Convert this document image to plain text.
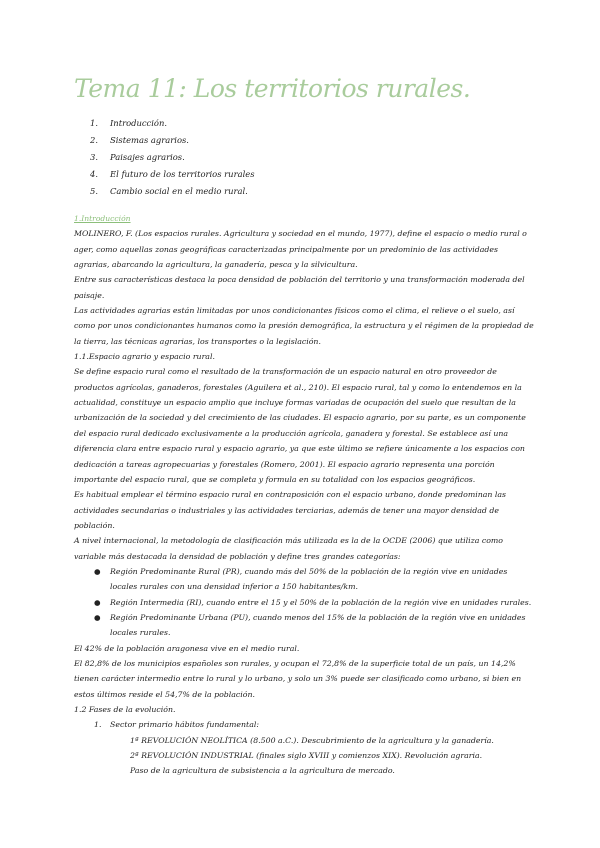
Tema 11: Los territorios rurales.
1. Introducción.
2. Sistemas agrarios.
3. Paisajes agrarios.
4. El futuro de los territorios rurales
5. Cambio social en el medio rural.

1.Introducción

MOLINERO, F. (Los espacios rurales. Agricultura y sociedad en el mundo, 1977), define el espacio o medio rural o ager, como aquellas zonas geográficas caracterizadas principalmente por un predominio de las actividades agrarias, abarcando la agricultura, la ganadería, pesca y la silvicultura.

Entre sus características destaca la poca densidad de población del territorio y una transformación moderada del paisaje.

Las actividades agrarias están limitadas por unos condicionantes físicos como el clima, el relieve o el suelo, así como por unos condicionantes humanos como la presión demográfica, la estructura y el régimen de la propiedad de la tierra, las técnicas agrarias, los transportes o la legislación.

1.1.Espacio agrario y espacio rural.

Se define espacio rural como el resultado de la transformación de un espacio natural en otro proveedor de productos agrícolas, ganaderos, forestales (Aguilera et al., 210). El espacio rural, tal y como lo entendemos en la actualidad, constituye un espacio amplio que incluye formas variadas de ocupación del suelo que resultan de la urbanización de la sociedad y del crecimiento de las ciudades. El espacio agrario, por su parte, es un componente del espacio rural dedicado exclusivamente a la producción agrícola, ganadera y forestal. Se establece así una diferencia clara entre espacio rural y espacio agrario, ya que este último se refiere únicamente a los espacios con dedicación a tareas agropecuarias y forestales (Romero, 2001). El espacio agrario representa una porción importante del espacio rural, que se completa y formula en su totalidad con los espacios geográficos.

Es habitual emplear el término espacio rural en contraposición con el espacio urbano, donde predominan las actividades secundarias o industriales y las actividades terciarias, además de tener una mayor densidad de población.

A nivel internacional, la metodología de clasificación más utilizada es la de la OCDE (2006) que utiliza como variable más destacada la densidad de población y define tres grandes categorías:

● Región Predominante Rural (PR), cuando más del 50% de la población de la región vive en unidades locales rurales con una densidad inferior a 150 habitantes/km.
● Región Intermedia (RI), cuando entre el 15 y el 50% de la población de la región vive en unidades rurales.
● Región Predominante Urbana (PU), cuando menos del 15% de la población de la región vive en unidades locales rurales.

El 42% de la población aragonesa vive en el medio rural.

El 82,8% de los municipios españoles son rurales, y ocupan el 72,8% de la superficie total de un país, un 14,2% tienen carácter intermedio entre lo rural y lo urbano, y solo un 3% puede ser clasificado como urbano, si bien en estos últimos reside el 54,7% de la población.

1.2 Fases de la evolución.

1. Sector primario hábitos fundamental:
1ª REVOLUCIÓN NEOLÍTICA (8.500 a.C.). Descubrimiento de la agricultura y la ganadería.
2ª REVOLUCIÓN INDUSTRIAL (finales siglo XVIII y comienzos XIX). Revolución agraria.
Paso de la agricultura de subsistencia a la agricultura de mercado.
